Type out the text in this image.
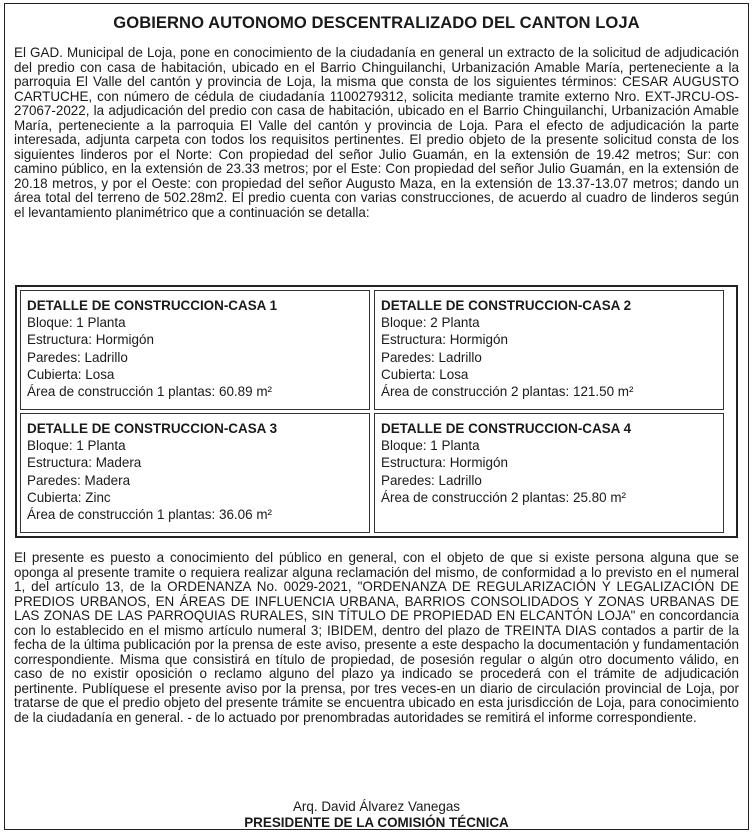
GOBIERNO AUTONOMO DESCENTRALIZADO DEL CANTON LOJA
El GAD. Municipal de Loja, pone en conocimiento de la ciudadanía en general un extracto de la solicitud de adjudicación del predio con casa de habitación, ubicado en el Barrio Chinguilanchi, Urbanización Amable María, perteneciente a la parroquia El Valle del cantón y provincia de Loja, la misma que consta de los siguientes términos: CESAR AUGUSTO CARTUCHE, con número de cédula de ciudadanía 1100279312, solicita mediante tramite externo Nro. EXT-JRCU-OS-27067-2022, la adjudicación del predio con casa de habitación, ubicado en el Barrio Chinguilanchi, Urbanización Amable María, perteneciente a la parroquia El Valle del cantón y provincia de Loja. Para el efecto de adjudicación la parte interesada, adjunta carpeta con todos los requisitos pertinentes. El predio objeto de la presente solicitud consta de los siguientes linderos por el Norte: Con propiedad del señor Julio Guamán, en la extensión de 19.42 metros; Sur: con camino público, en la extensión de 23.33 metros; por el Este: Con propiedad del señor Julio Guamán, en la extensión de 20.18 metros, y por el Oeste: con propiedad del señor Augusto Maza, en la extensión de 13.37-13.07 metros; dando un área total del terreno de 502.28m2. El predio cuenta con varias construcciones, de acuerdo al cuadro de linderos según el levantamiento planimétrico que a continuación se detalla:
DETALLE DE CONSTRUCCION-CASA 1
Bloque: 1 Planta
Estructura: Hormigón
Paredes: Ladrillo
Cubierta: Losa
Área de construcción 1 plantas: 60.89 m²
DETALLE DE CONSTRUCCION-CASA 2
Bloque: 2 Planta
Estructura: Hormigón
Paredes: Ladrillo
Cubierta: Losa
Área de construcción 2 plantas: 121.50 m²
DETALLE DE CONSTRUCCION-CASA 3
Bloque: 1 Planta
Estructura: Madera
Paredes: Madera
Cubierta: Zinc
Área de construcción 1 plantas: 36.06 m²
DETALLE DE CONSTRUCCION-CASA 4
Bloque: 1 Planta
Estructura: Hormigón
Paredes: Ladrillo
Área de construcción 2 plantas: 25.80 m²
El presente es puesto a conocimiento del público en general, con el objeto de que si existe persona alguna que se oponga al presente tramite o requiera realizar alguna reclamación del mismo, de conformidad a lo previsto en el numeral 1, del artículo 13, de la ORDENANZA No. 0029-2021, "ORDENANZA DE REGULARIZACIÓN Y LEGALIZACIÓN DE PREDIOS URBANOS, EN ÁREAS DE INFLUENCIA URBANA, BARRIOS CONSOLIDADOS Y ZONAS URBANAS DE LAS ZONAS DE LAS PARROQUIAS RURALES, SIN TÍTULO DE PROPIEDAD EN ELCANTÓN LOJA" en concordancia con lo establecido en el mismo artículo numeral 3; IBIDEM, dentro del plazo de TREINTA DIAS contados a partir de la fecha de la última publicación por la prensa de este aviso, presente a este despacho la documentación y fundamentación correspondiente. Misma que consistirá en título de propiedad, de posesión regular o algún otro documento válido, en caso de no existir oposición o reclamo alguno del plazo ya indicado se procederá con el trámite de adjudicación pertinente. Publíquese el presente aviso por la prensa, por tres veces-en un diario de circulación provincial de Loja, por tratarse de que el predio objeto del presente trámite se encuentra ubicado en esta jurisdicción de Loja, para conocimiento de la ciudadanía en general. - de lo actuado por prenombradas autoridades se remitirá el informe correspondiente.
Arq. David Álvarez Vanegas
PRESIDENTE DE LA COMISIÓN TÉCNICA
